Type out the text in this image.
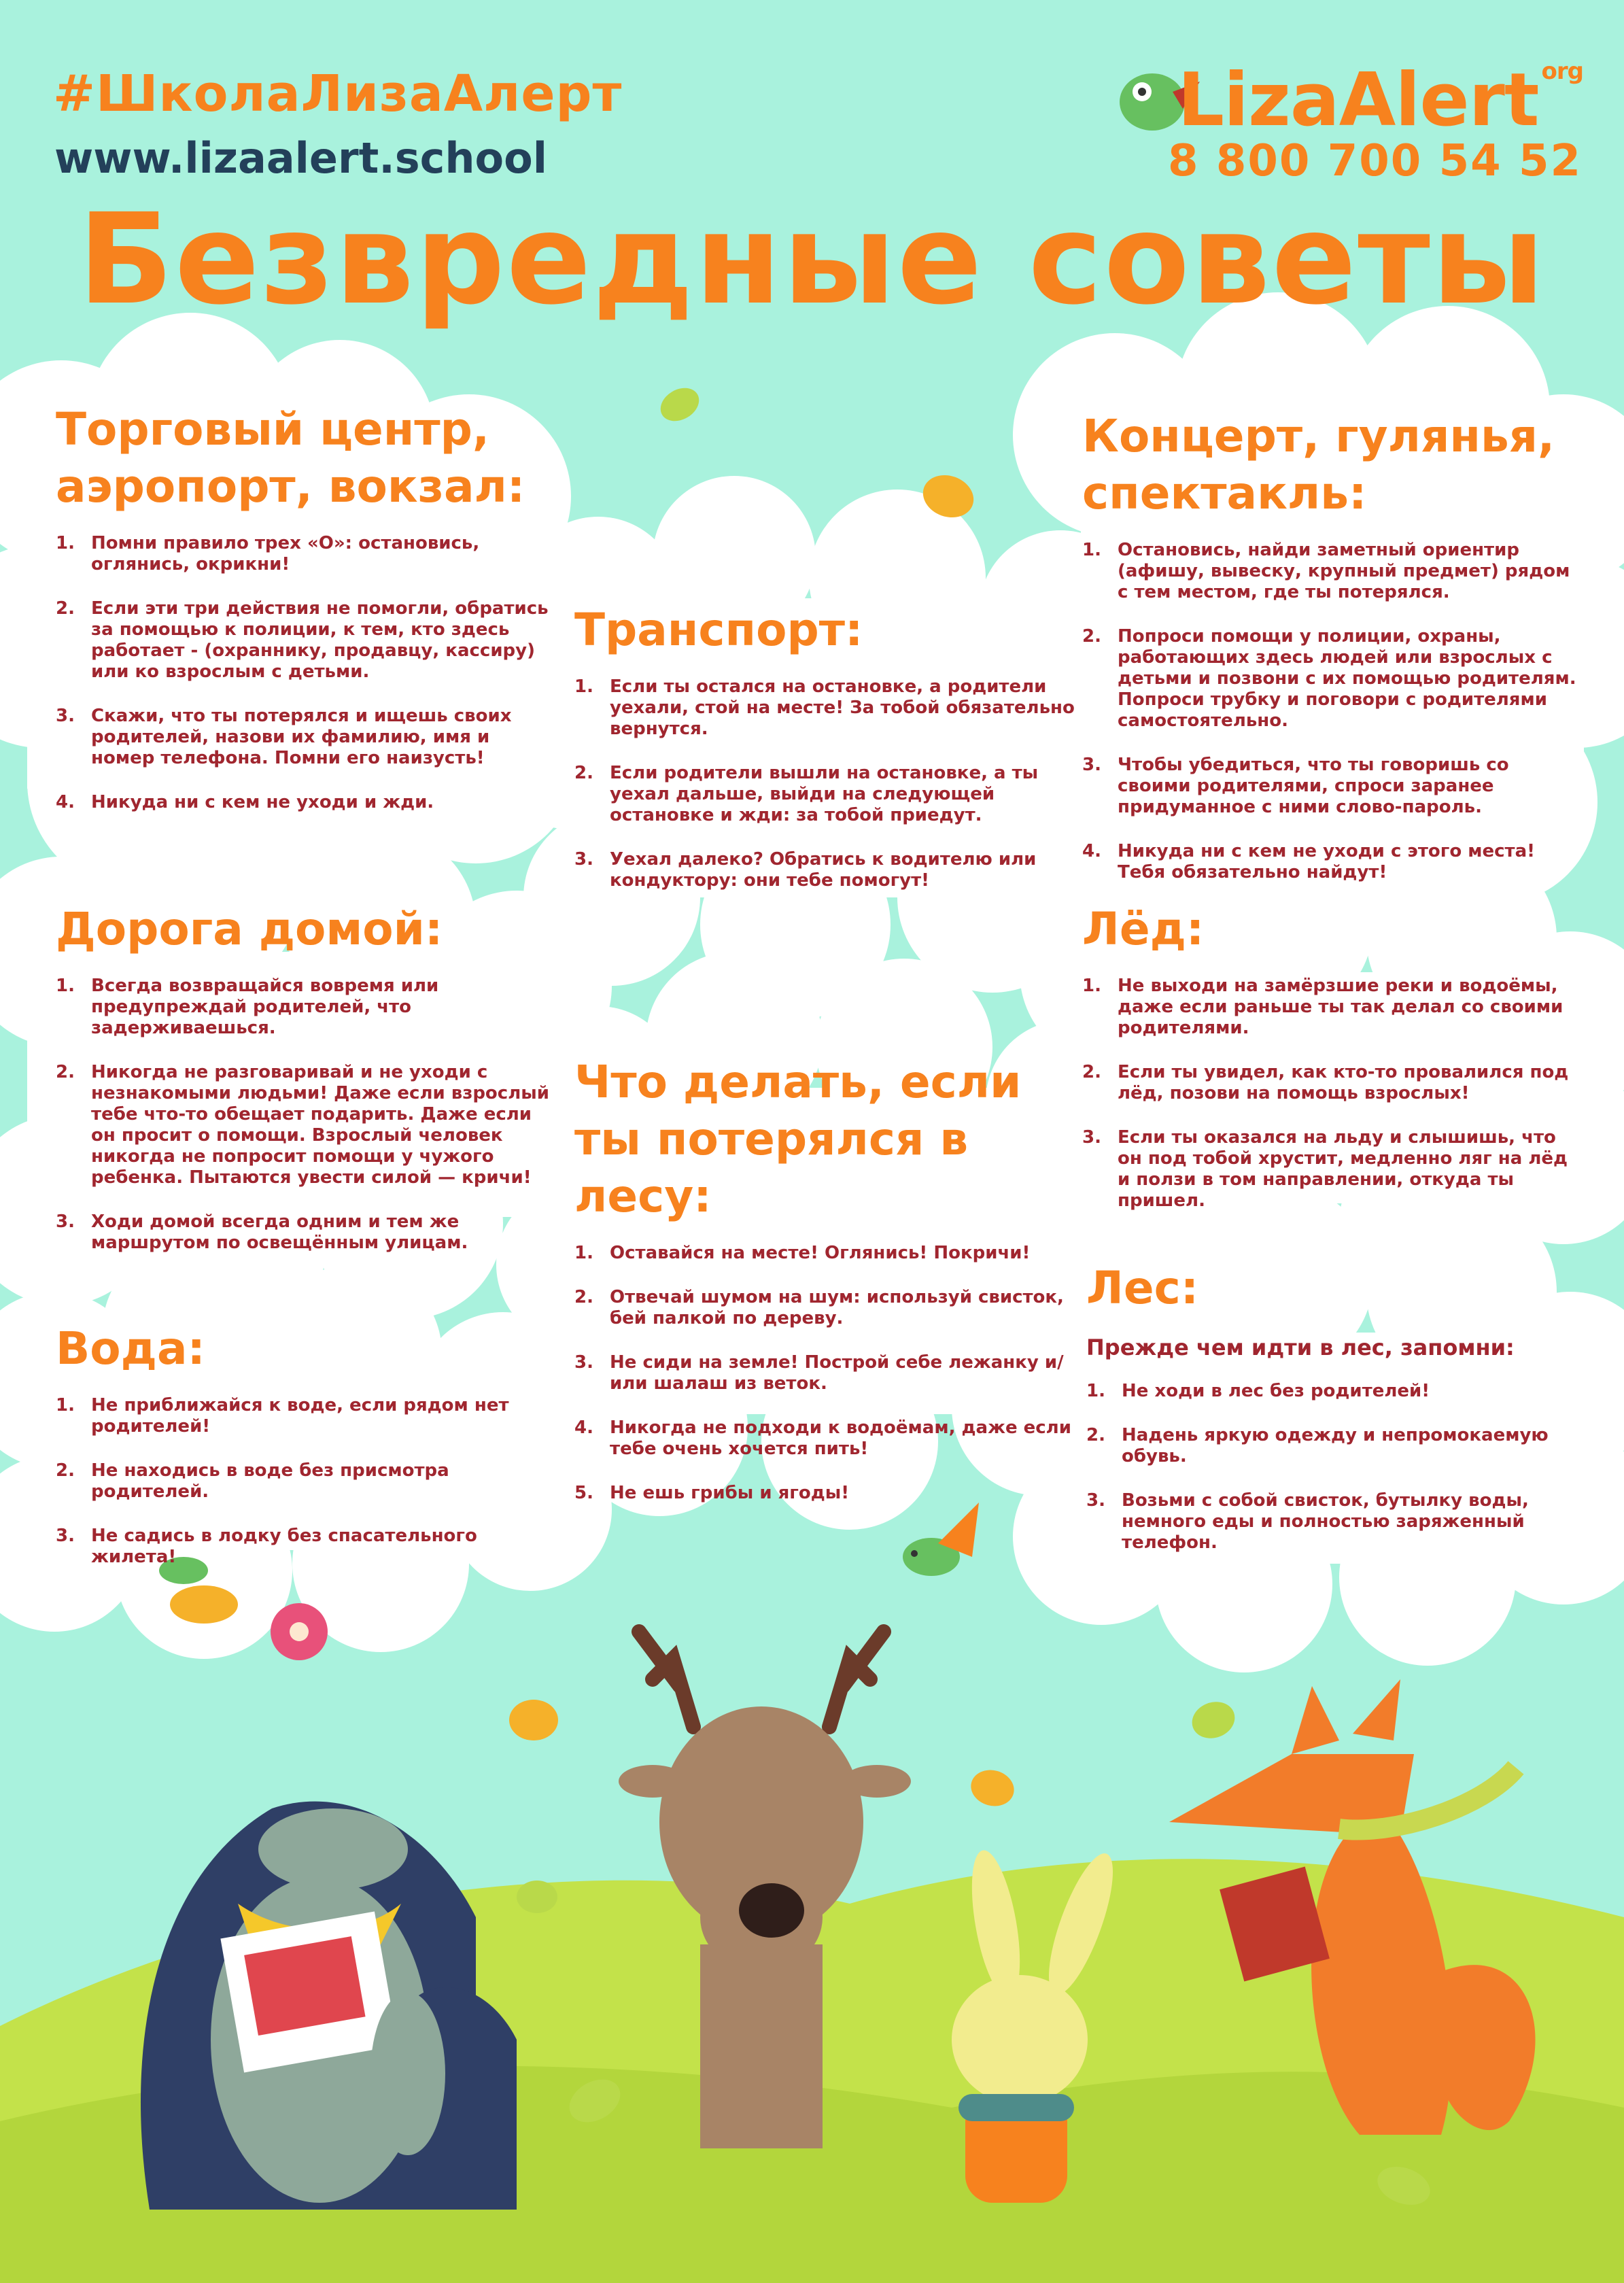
#ШколаЛизаАлерт
www.lizaalert.school
LizaAlert $^{org}$
8 800 700 54 52
Безвредные советы
Торговый центр, аэропорт, вокзал:
1. Помни правило трех «О»: остановись, оглянись, окрикни!
2. Если эти три действия не помогли, обратись за помощью к полиции, к тем, кто здесь работает - (охраннику, продавцу, кассиру) или ко взрослым с детьми.
3. Скажи, что ты потерялся и ищешь своих родителей, назови их фамилию, имя и номер телефона. Помни его наизусть!
4. Никуда ни с кем не уходи и жди.
Транспорт:
1. Если ты остался на остановке, а родители уехали, стой на месте! За тобой обязательно вернутся.
2. Если родители вышли на остановке, а ты уехал дальше, выйди на следующей остановке и жди: за тобой приедут.
3. Уехал далеко? Обратись к водителю или кондуктору: они тебе помогут!
Концерт, гулянья, спектакль:
1. Остановись, найди заметный ориентир (афишу, вывеску, крупный предмет) рядом с тем местом, где ты потерялся.
2. Попроси помощи у полиции, охраны, работающих здесь людей или взрослых с детьми и позвони с их помощью родителям. Попроси трубку и поговори с родителями самостоятельно.
3. Чтобы убедиться, что ты говоришь со своими родителями, спроси заранее придуманное с ними слово-пароль.
4. Никуда ни с кем не уходи с этого места! Тебя обязательно найдут!
Дорога домой:
1. Всегда возвращайся вовремя или предупреждай родителей, что задерживаешься.
2. Никогда не разговаривай и не уходи с незнакомыми людьми! Даже если взрослый тебе что-то обещает подарить. Даже если он просит о помощи. Взрослый человек никогда не попросит помощи у чужого ребенка. Пытаются увести силой — кричи!
3. Ходи домой всегда одним и тем же маршрутом по освещённым улицам.
Что делать, если ты потерялся в лесу:
1. Оставайся на месте! Оглянись! Покричи!
2. Отвечай шумом на шум: используй свисток, бей палкой по дереву.
3. Не сиди на земле! Построй себе лежанку и/или шалаш из веток.
4. Никогда не подходи к водоёмам, даже если тебе очень хочется пить!
5. Не ешь грибы и ягоды!
Лёд:
1. Не выходи на замёрзшие реки и водоёмы, даже если раньше ты так делал со своими родителями.
2. Если ты увидел, как кто-то провалился под лёд, позови на помощь взрослых!
3. Если ты оказался на льду и слышишь, что он под тобой хрустит, медленно ляг на лёд и ползи в том направлении, откуда ты пришел.
Вода:
1. Не приближайся к воде, если рядом нет родителей!
2. Не находись в воде без присмотра родителей.
3. Не садись в лодку без спасательного жилета!
Лес:

Прежде чем идти в лес, запомни:

1. Не ходи в лес без родителей!
2. Надень яркую одежду и непромокаемую обувь.
3. Возьми с собой свисток, бутылку воды, немного еды и полностью заряженный телефон.
